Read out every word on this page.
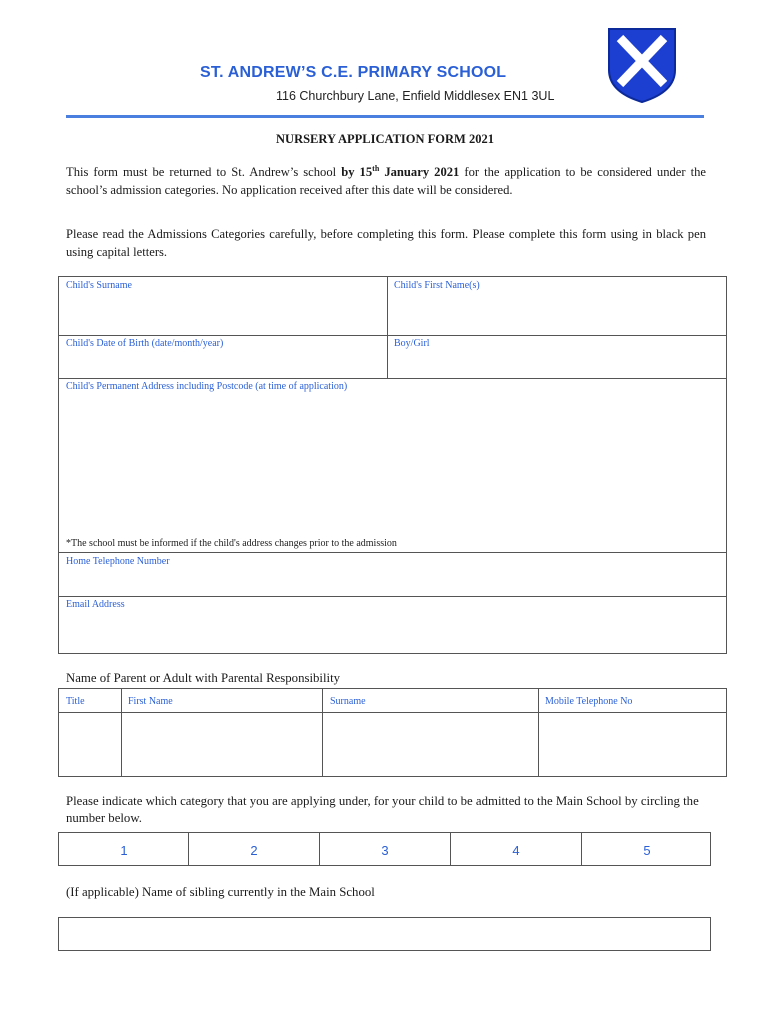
ST. ANDREW’S C.E. PRIMARY SCHOOL
116 Churchbury Lane, Enfield Middlesex EN1 3UL
NURSERY APPLICATION FORM 2021
This form must be returned to St. Andrew’s school by 15th January 2021 for the application to be considered under the school’s admission categories. No application received after this date will be considered.
Please read the Admissions Categories carefully, before completing this form. Please complete this form using in black pen using capital letters.
Child's Surname	Child's First Name(s)
Child's Date of Birth (date/month/year)	Boy/Girl
Child's Permanent Address including Postcode (at time of application)
*The school must be informed if the child's address changes prior to the admission
Home Telephone Number
Email Address
Name of Parent or Adult with Parental Responsibility
Title	First Name	Surname	Mobile Telephone No
Please indicate which category that you are applying under, for your child to be admitted to the Main School by circling the number below.
1	2	3	4	5
(If applicable) Name of sibling currently in the Main School
